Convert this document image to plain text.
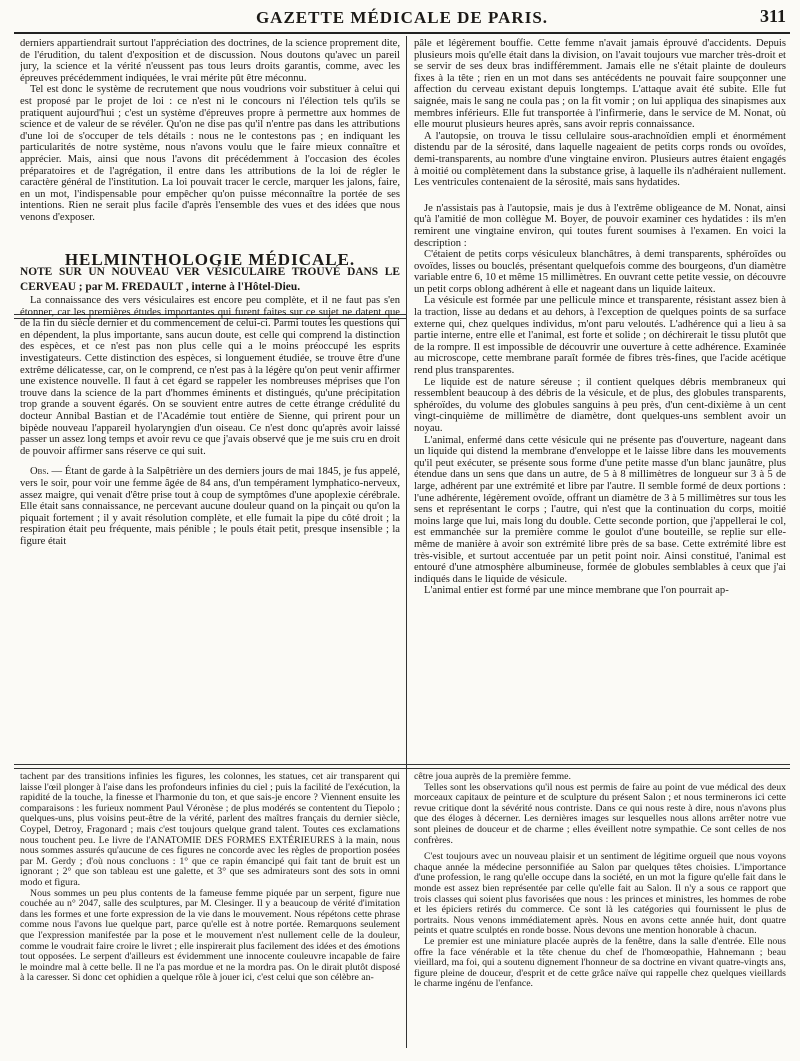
GAZETTE MÉDICALE DE PARIS.	311

derniers appartiendrait surtout l'appréciation des doctrines, de la science proprement dite, de l'érudition, du talent d'exposition et de discussion. Nous doutons qu'avec un pareil jury, la science et la vérité n'eussent pas tous leurs droits garantis, comme, avec les épreuves précédemment indiquées, le vrai mérite pût être méconnu.

Tel est donc le système de recrutement que nous voudrions voir substituer à celui qui est proposé par le projet de loi : ce n'est ni le concours ni l'élection tels qu'ils se pratiquent aujourd'hui ; c'est un système d'épreuves propre à permettre aux hommes de science et de valeur de se révéler. Qu'on ne dise pas qu'il n'entre pas dans les attributions d'une loi de s'occuper de tels détails : nous ne le contestons pas ; en indiquant les particularités de notre système, nous n'avons voulu que le faire mieux connaître et apprécier. Mais, ainsi que nous l'avons dit précédemment à l'occasion des écoles préparatoires et de l'agrégation, il entre dans les attributions de la loi de régler le caractère général de l'institution. La loi pouvait tracer le cercle, marquer les jalons, faire, en un mot, l'indispensable pour empêcher qu'on puisse méconnaître la portée de ses intentions. Rien ne serait plus facile d'après l'ensemble des vues et des idées que nous venons d'exposer.

HELMINTHOLOGIE MÉDICALE.

NOTE SUR UN NOUVEAU VER VÉSICULAIRE TROUVÉ DANS LE CERVEAU ; par M. FREDAULT , interne à l'Hôtel-Dieu.

La connaissance des vers vésiculaires est encore peu complète, et il ne faut pas s'en étonner, car les premières études importantes qui furent faites sur ce sujet ne datent que de la fin du siècle dernier et du commencement de celui-ci. Parmi toutes les questions qui en dépendent, la plus importante, sans aucun doute, est celle qui comprend la distinction des espèces, et ce n'est pas non plus celle qui a le moins préoccupé les esprits investigateurs. Cette distinction des espèces, si longuement étudiée, se trouve être d'une extrême délicatesse, car, on le comprend, ce n'est pas à la légère qu'on peut venir affirmer une existence nouvelle. Il faut à cet égard se rappeler les nombreuses méprises que l'on trouve dans la science de la part d'hommes éminents et distingués, qu'une précipitation trop grande a souvent égarés. On se souvient entre autres de cette étrange crédulité du docteur Annibal Bastian et de l'Académie tout entière de Sienne, qui prirent pour un bipède nouveau l'appareil hyolaryngien d'un oiseau. Ce n'est donc qu'après avoir laissé passer un assez long temps et avoir revu ce que j'avais observé que je me suis cru en droit de pouvoir affirmer sans réserve ce qui suit.

Obs. — Étant de garde à la Salpêtrière un des derniers jours de mai 1845, je fus appelé, vers le soir, pour voir une femme âgée de 84 ans, d'un tempérament lymphatico-nerveux, assez maigre, qui venait d'être prise tout à coup de symptômes d'une apoplexie cérébrale. Elle était sans connaissance, ne percevant aucune douleur quand on la pinçait ou qu'on la piquait fortement ; il y avait résolution complète, et elle fumait la pipe du côté droit ; la respiration était peu fréquente, mais pénible ; le pouls était petit, presque insensible ; la figure était

pâle et légèrement bouffie. Cette femme n'avait jamais éprouvé d'accidents. Depuis plusieurs mois qu'elle était dans la division, on l'avait toujours vue marcher très-droit et se servir de ses deux bras indifféremment. Jamais elle ne s'était plainte de douleurs fixes à la tête ; rien en un mot dans ses antécédents ne pouvait faire soupçonner une affection du cerveau existant depuis longtemps. L'attaque avait été subite. Elle fut saignée, mais le sang ne coula pas ; on la fit vomir ; on lui appliqua des sinapismes aux membres inférieurs. Elle fut transportée à l'infirmerie, dans le service de M. Nonat, où elle mourut plusieurs heures après, sans avoir repris connaissance.

A l'autopsie, on trouva le tissu cellulaire sous-arachnoïdien empli et énormément distendu par de la sérosité, dans laquelle nageaient de petits corps ronds ou ovoïdes, demi-transparents, au nombre d'une vingtaine environ. Plusieurs autres étaient engagés à moitié ou complètement dans la substance grise, à laquelle ils n'adhéraient nullement. Les ventricules contenaient de la sérosité, mais sans hydatides.

Je n'assistais pas à l'autopsie, mais je dus à l'extrême obligeance de M. Nonat, ainsi qu'à l'amitié de mon collègue M. Boyer, de pouvoir examiner ces hydatides : ils m'en remirent une vingtaine environ, qui toutes furent soumises à l'examen. En voici la description :

C'étaient de petits corps vésiculeux blanchâtres, à demi transparents, sphéroïdes ou ovoïdes, lisses ou bouclés, présentant quelquefois comme des bourgeons, d'un diamètre variable entre 6, 10 et même 15 millimètres. En ouvrant cette petite vessie, on découvre un petit corps oblong adhérent à elle et nageant dans un liquide laiteux.

La vésicule est formée par une pellicule mince et transparente, résistant assez bien à la traction, lisse au dedans et au dehors, à l'exception de quelques points de sa surface externe qui, chez quelques individus, m'ont paru veloutés. L'adhérence qui a lieu à sa partie interne, entre elle et l'animal, est forte et solide ; on déchirerait le tissu plutôt que de la rompre. Il est impossible de découvrir une ouverture à cette adhérence. Examinée au microscope, cette membrane paraît formée de fibres très-fines, que l'acide acétique rend plus transparentes.

Le liquide est de nature séreuse ; il contient quelques débris membraneux qui ressemblent beaucoup à des débris de la vésicule, et de plus, des globules transparents, sphéroïdes, du volume des globules sanguins à peu près, d'un cent-dixième à un cent vingt-cinquième de millimètre de diamètre, dont quelques-uns semblent avoir un noyau.

L'animal, enfermé dans cette vésicule qui ne présente pas d'ouverture, nageant dans un liquide qui distend la membrane d'enveloppe et le laisse libre dans les mouvements qu'il peut exécuter, se présente sous forme d'une petite masse d'un blanc jaunâtre, plus étendue dans un sens que dans un autre, de 5 à 8 millimètres de longueur sur 3 à 5 de large, adhérent par une extrémité et libre par l'autre. Il semble formé de deux portions : l'une adhérente, légèrement ovoïde, offrant un diamètre de 3 à 5 millimètres sur tous les sens et représentant le corps ; l'autre, qui n'est que la continuation du corps, moitié moins large que lui, mais long du double. Cette seconde portion, que j'appellerai le col, est emmanchée sur la première comme le goulot d'une bouteille, se replie sur elle-même de manière à avoir son extrémité libre près de sa base. Cette extrémité libre est très-visible, et surtout accentuée par un petit point noir. Ainsi constitué, l'animal est entouré d'une atmosphère albumineuse, formée de globules semblables à ceux que j'ai indiqués dans le liquide de vésicule.

L'animal entier est formé par une mince membrane que l'on pourrait ap-

tachent par des transitions infinies les figures, les colonnes, les statues, cet air transparent qui laisse l'œil plonger à l'aise dans les profondeurs infinies du ciel ; puis la facilité de l'exécution, la rapidité de la touche, la finesse et l'harmonie du ton, et que sais-je encore ? Viennent ensuite les comparaisons : les furieux nomment Paul Véronèse ; de plus modérés se contentent du Tiepolo ; quelques-uns, plus voisins peut-être de la vérité, parlent des maîtres français du dernier siècle, Coypel, Detroy, Fragonard ; mais c'est toujours quelque grand talent. Toutes ces exclamations nous touchent peu. Le livre de l'ANATOMIE DES FORMES EXTÉRIEURES à la main, nous nous sommes assurés qu'aucune de ces figures ne concorde avec les règles de proportion posées par M. Gerdy ; d'où nous concluons : 1° que ce rapin émancipé qui fait tant de bruit est un ignorant ; 2° que son tableau est une galette, et 3° que ses admirateurs sont des sots in omni modo et figura.

Nous sommes un peu plus contents de la fameuse femme piquée par un serpent, figure nue couchée au n° 2047, salle des sculptures, par M. Clesinger. Il y a beaucoup de vérité d'imitation dans les formes et une forte expression de la vie dans le mouvement. Nous répétons cette phrase comme nous l'avons lue quelque part, parce qu'elle est à notre portée. Remarquons seulement que l'expression manifestée par la pose et le mouvement n'est nullement celle de la douleur, comme le voudrait faire croire le livret ; elle inspirerait plus facilement des idées et des émotions tout opposées. Le serpent d'ailleurs est évidemment une innocente couleuvre incapable de faire le moindre mal à cette belle. Il ne l'a pas mordue et ne la mordra pas. On le dirait plutôt disposé à la caresser. Si donc cet ophidien a quelque rôle à jouer ici, c'est celui que son célèbre an-

cêtre joua auprès de la première femme.

Telles sont les observations qu'il nous est permis de faire au point de vue médical des deux morceaux capitaux de peinture et de sculpture du présent Salon ; et nous terminerons ici cette revue critique dont la sévérité nous contriste. Dans ce qui nous reste à dire, nous n'avons plus que des éloges à décerner. Les dernières images sur lesquelles nous allons arrêter notre vue sont pleines de douceur et de charme ; elles éveillent notre sympathie. Ce sont celles de nos confrères.

C'est toujours avec un nouveau plaisir et un sentiment de légitime orgueil que nous voyons chaque année la médecine personnifiée au Salon par quelques têtes choisies. L'importance d'une profession, le rang qu'elle occupe dans la société, en un mot la figure qu'elle fait dans le monde est assez bien représentée par celle qu'elle fait au Salon. Il n'y a sous ce rapport que trois classes qui soient plus favorisées que nous : les princes et ministres, les hommes de robe et les épiciers retirés du commerce. Ce sont là les catégories qui fournissent le plus de portraits. Nous venons immédiatement après. Nous en avons cette année huit, dont quatre peints et quatre sculptés en ronde bosse. Nous devons une mention honorable à chacun.

Le premier est une miniature placée auprès de la fenêtre, dans la salle d'entrée. Elle nous offre la face vénérable et la tête chenue du chef de l'homœopathie, Hahnemann ; beau vieillard, ma foi, qui a soutenu dignement l'honneur de sa doctrine en vivant quatre-vingts ans, figure pleine de douceur, d'esprit et de cette grâce naïve qui rappelle chez quelques vieillards le charme ingénu de l'enfance.
